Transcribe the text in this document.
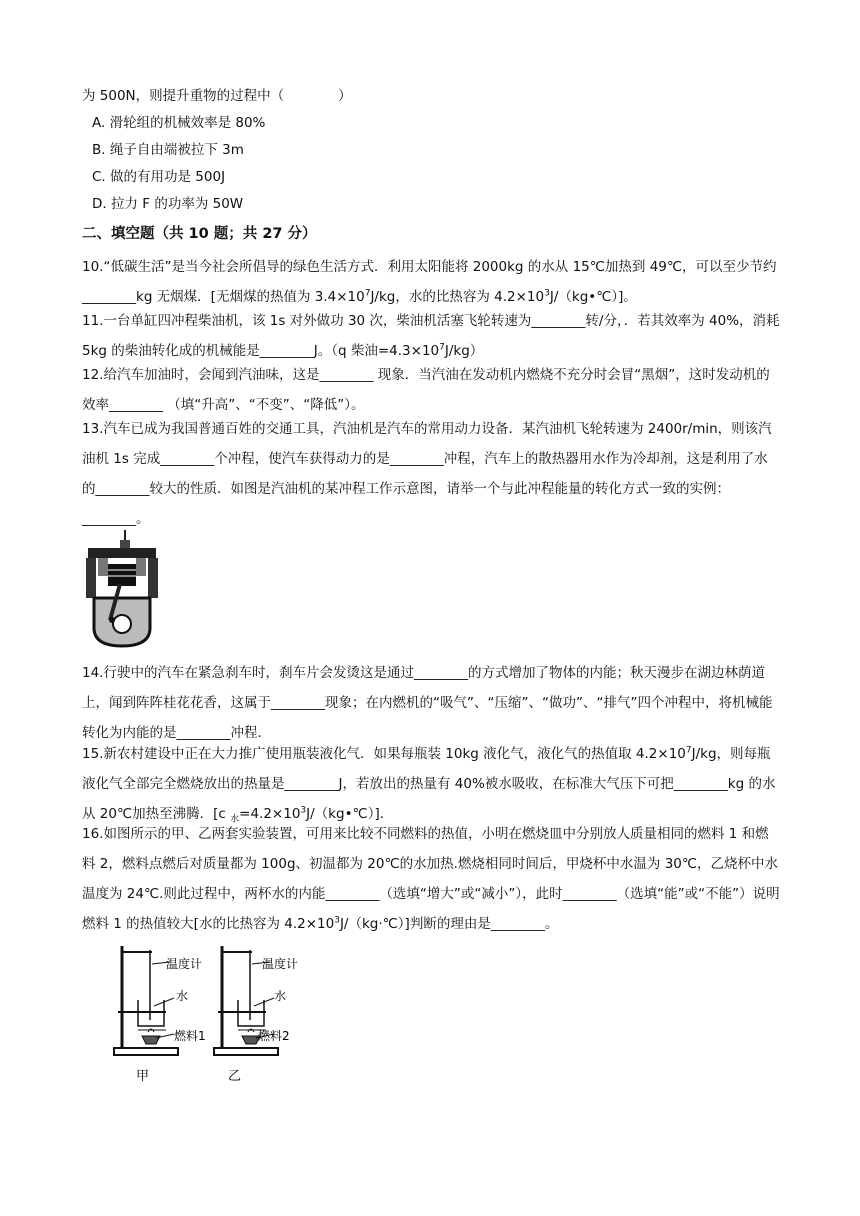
为 500N，则提升重物的过程中（　　　　）
A. 滑轮组的机械效率是 80%
B. 绳子自由端被拉下 3m
C. 做的有用功是 500J
D. 拉力 F 的功率为 50W
二、填空题（共 10 题；共 27 分）
10.“低碳生活”是当今社会所倡导的绿色生活方式．利用太阳能将 2000kg 的水从 15℃加热到 49℃，可以至少节约________kg 无烟煤．[无烟煤的热值为 $3.4\times 10^7J/kg$，水的比热容为 $4.2\times 10^3J/(kg•℃)$]。
11.一台单缸四冲程柴油机，该 1s 对外做功 30 次，柴油机活塞飞轮转速为________转/分，．若其效率为 40%，消耗 5kg 的柴油转化成的机械能是________J。（q 柴油$=4.3\times 10^7J/kg$）
12.给汽车加油时，会闻到汽油味，这是________ 现象．当汽油在发动机内燃烧不充分时会冒“黑烟”，这时发动机的效率________ （填“升高”、“不变”、“降低”）。
13.汽车已成为我国普通百姓的交通工具，汽油机是汽车的常用动力设备．某汽油机飞轮转速为 2400r/min，则该汽油机 1s 完成________个冲程，使汽车获得动力的是________冲程，汽车上的散热器用水作为冷却剂，这是利用了水的________较大的性质．如图是汽油机的某冲程工作示意图，请举一个与此冲程能量的转化方式一致的实例：________。
14.行驶中的汽车在紧急刹车时，刹车片会发烫这是通过________的方式增加了物体的内能；秋天漫步在湖边林荫道上，闻到阵阵桂花花香，这属于________现象；在内燃机的“吸气”、“压缩”、“做功”、“排气”四个冲程中，将机械能转化为内能的是________冲程．
15.新农村建设中正在大力推广使用瓶装液化气．如果每瓶装 10kg 液化气，液化气的热值取 $4.2\times 10^7J/kg$，则每瓶液化气全部完全燃烧放出的热量是________J，若放出的热量有 40%被水吸收，在标准大气压下可把________kg 的水从 20℃加热至沸腾．[c $_水=4.2\times 10^3J/(kg•℃)$]．
16.如图所示的甲、乙两套实验装置，可用来比较不同燃料的热值，小明在燃烧皿中分别放人质量相同的燃料 1 和燃料 2，燃料点燃后对质量都为 100g、初温都为 20℃的水加热.燃烧相同时间后，甲烧杯中水温为 30℃，乙烧杯中水温度为 24℃.则此过程中，两杯水的内能________（选填“增大”或“减小”），此时________（选填“能”或“不能”）说明燃料 1 的热值较大[水的比热容为 $4.2\times 10^3J/(kg\cdot℃)$]判断的理由是________。
温度计
水
燃料1
甲
温度计
水
燃料2
乙
